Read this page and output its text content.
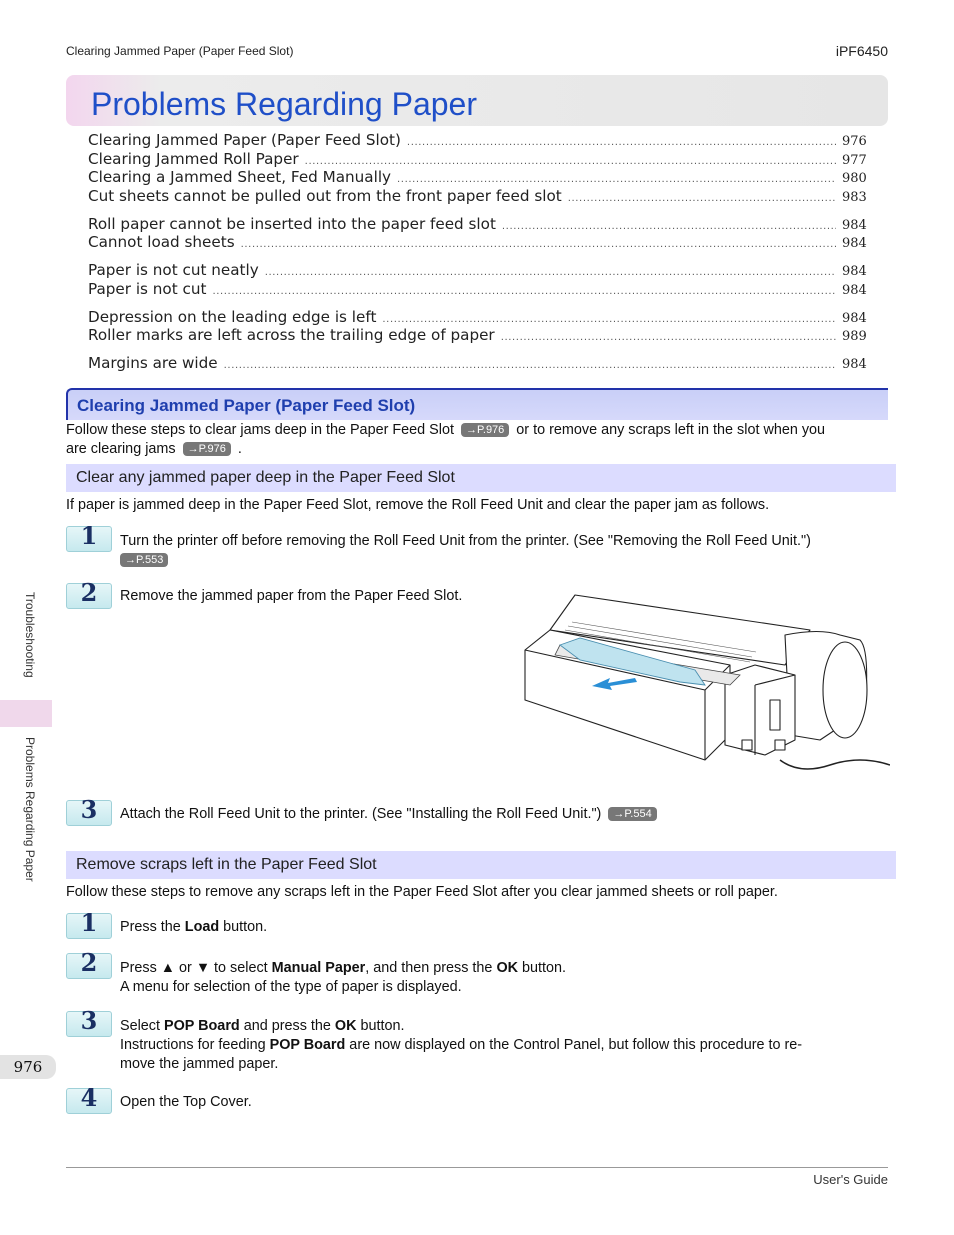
Clearing Jammed Paper (Paper Feed Slot)	iPF6450
Problems Regarding Paper
Clearing Jammed Paper (Paper Feed Slot) .....	976
Clearing Jammed Roll Paper .....	977
Clearing a Jammed Sheet, Fed Manually .....	980
Cut sheets cannot be pulled out from the front paper feed slot .....	983
Roll paper cannot be inserted into the paper feed slot .....	984
Cannot load sheets .....	984
Paper is not cut neatly .....	984
Paper is not cut .....	984
Depression on the leading edge is left .....	984
Roller marks are left across the trailing edge of paper .....	989
Margins are wide .....	984
Clearing Jammed Paper (Paper Feed Slot)
Follow these steps to clear jams deep in the Paper Feed Slot →P.976 or to remove any scraps left in the slot when you
are clearing jams →P.976 .
Clear any jammed paper deep in the Paper Feed Slot
If paper is jammed deep in the Paper Feed Slot, remove the Roll Feed Unit and clear the paper jam as follows.
1	Turn the printer off before removing the Roll Feed Unit from the printer. (See "Removing the Roll Feed Unit.")
→P.553
2	Remove the jammed paper from the Paper Feed Slot.
3	Attach the Roll Feed Unit to the printer. (See "Installing the Roll Feed Unit.") →P.554
Remove scraps left in the Paper Feed Slot
Follow these steps to remove any scraps left in the Paper Feed Slot after you clear jammed sheets or roll paper.
1	Press the Load button.
2	Press ▲ or ▼ to select Manual Paper, and then press the OK button.
A menu for selection of the type of paper is displayed.
3	Select POP Board and press the OK button.
Instructions for feeding POP Board are now displayed on the Control Panel, but follow this procedure to re-
move the jammed paper.
4	Open the Top Cover.
Troubleshooting
Problems Regarding Paper
976
User's Guide
